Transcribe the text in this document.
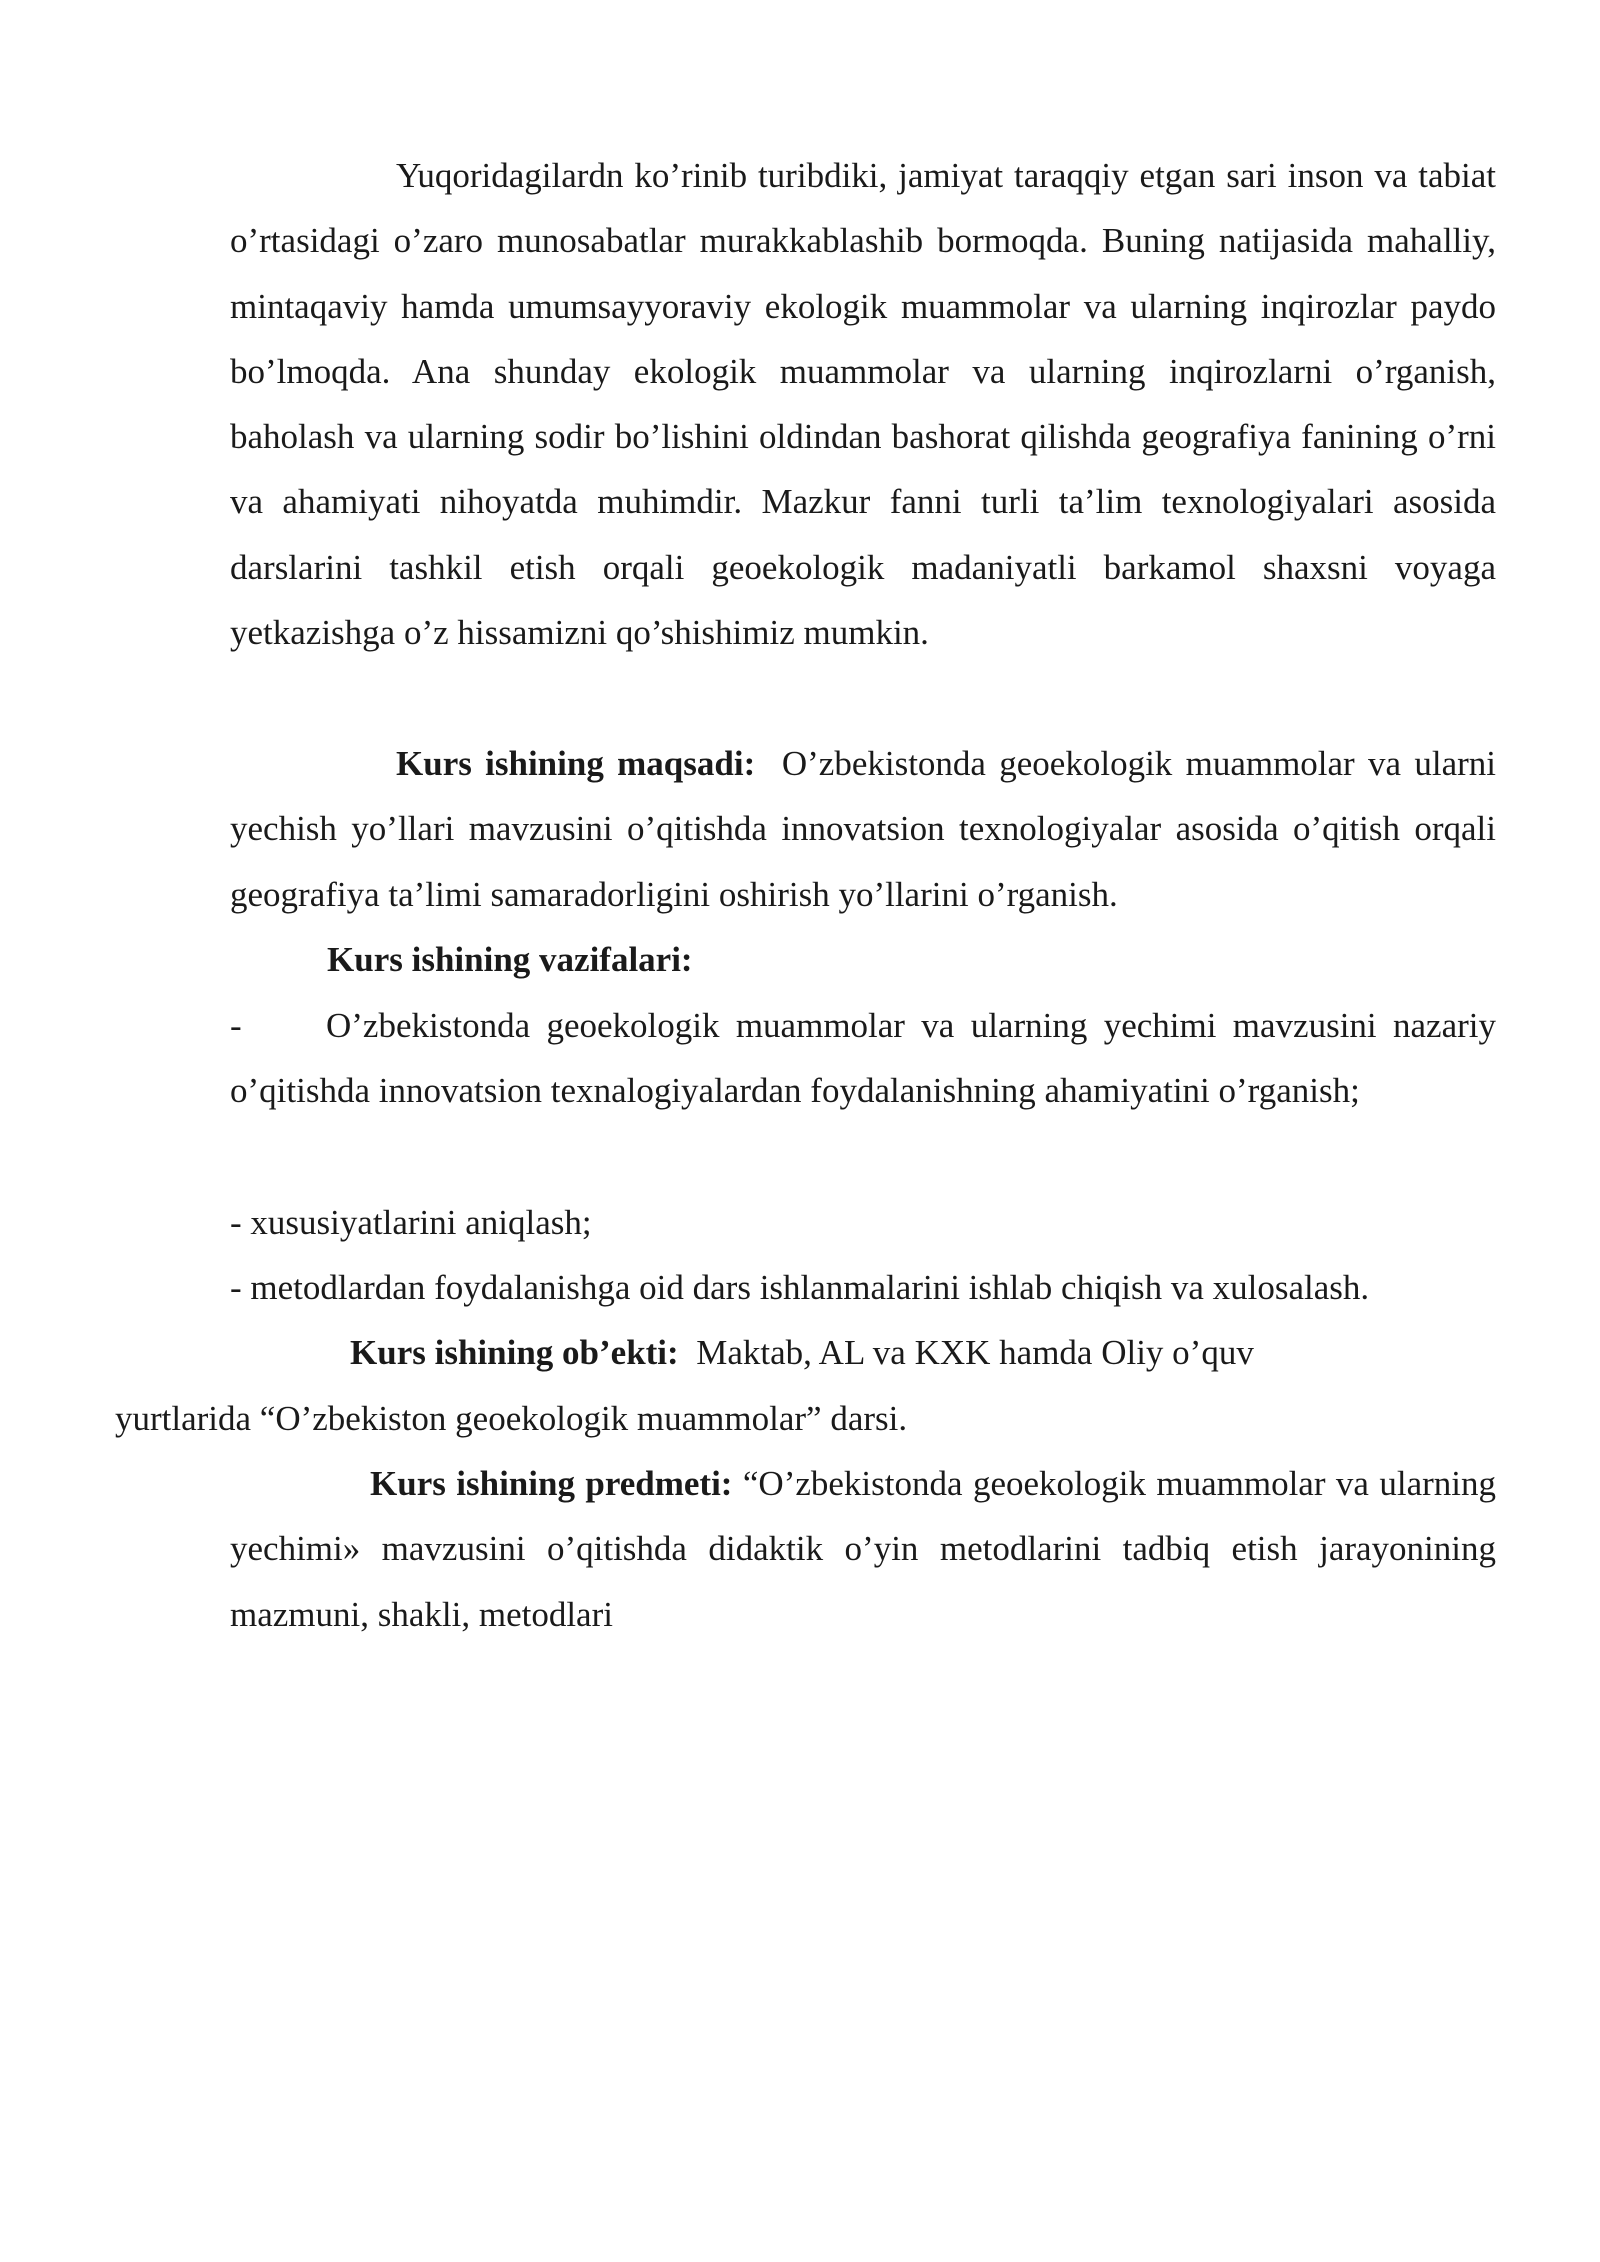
Yuqoridagilardn ko’rinib turibdiki, jamiyat taraqqiy etgan sari inson va tabiat o’rtasidagi o’zaro munosabatlar murakkablashib bormoqda. Buning natijasida mahalliy, mintaqaviy hamda umumsayyoraviy ekologik muammolar va ularning inqirozlar paydo bo’lmoqda. Ana shunday ekologik muammolar va ularning inqirozlarni o’rganish, baholash va ularning sodir bo’lishini oldindan bashorat qilishda geografiya fanining o’rni va ahamiyati nihoyatda muhimdir. Mazkur fanni turli ta’lim texnologiyalari asosida darslarini tashkil etish orqali geoekologik madaniyatli barkamol shaxsni voyaga yetkazishga o’z hissamizni qo’shishimiz mumkin.

Kurs ishining maqsadi: O’zbekistonda geoekologik muammolar va ularni yechish yo’llari mavzusini o’qitishda innovatsion texnologiyalar asosida o’qitish orqali geografiya ta’limi samaradorligini oshirish yo’llarini o’rganish.

Kurs ishining vazifalari:

- O’zbekistonda geoekologik muammolar va ularning yechimi mavzusini nazariy o’qitishda innovatsion texnalogiyalardan foydalanishning ahamiyatini o’rganish;

- xususiyatlarini aniqlash;

- metodlardan foydalanishga oid dars ishlanmalarini ishlab chiqish va xulosalash.

Kurs ishining ob’ekti: Maktab, AL va KXK hamda Oliy o’quv

yurtlarida “O’zbekiston geoekologik muammolar” darsi.

Kurs ishining predmeti: “O’zbekistonda geoekologik muammolar va ularning yechimi» mavzusini o’qitishda didaktik o’yin metodlarini tadbiq etish jarayonining mazmuni, shakli, metodlari
